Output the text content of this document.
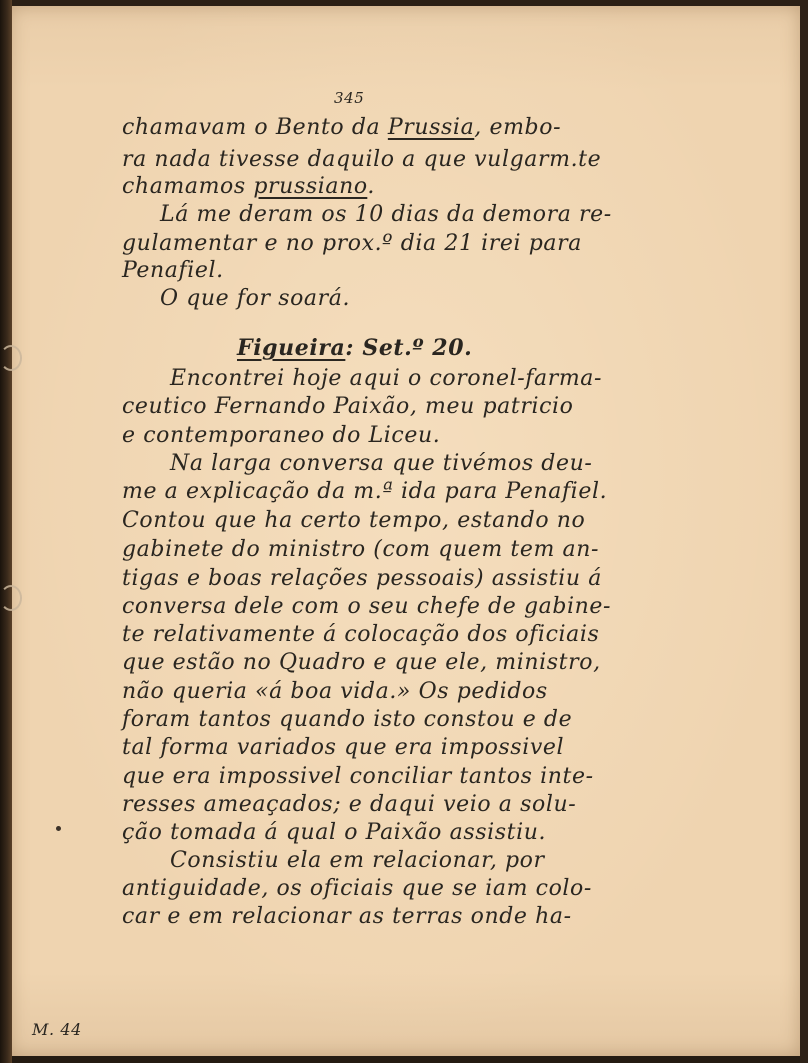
345
chamavam o Bento da Prussia, embo-
ra nada tivesse daquilo a que vulgarm.te
chamamos prussiano.
Lá me deram os 10 dias da demora re-
gulamentar e no prox.º dia 21 irei para
Penafiel.
O que for soará.
Figueira: Set.º 20.
Encontrei hoje aqui o coronel-farma-
ceutico Fernando Paixão, meu patricio
e contemporaneo do Liceu.
Na larga conversa que tivémos deu-
me a explicação da m.ª ida para Penafiel.
Contou que ha certo tempo, estando no
gabinete do ministro (com quem tem an-
tigas e boas relações pessoais) assistiu á
conversa dele com o seu chefe de gabine-
te relativamente á colocação dos oficiais
que estão no Quadro e que ele, ministro,
não queria «á boa vida.» Os pedidos
foram tantos quando isto constou e de
tal forma variados que era impossivel
que era impossivel conciliar tantos inte-
resses ameaçados; e daqui veio a solu-
ção tomada á qual o Paixão assistiu.
Consistiu ela em relacionar, por
antiguidade, os oficiais que se iam colo-
car e em relacionar as terras onde ha-
M. 44
